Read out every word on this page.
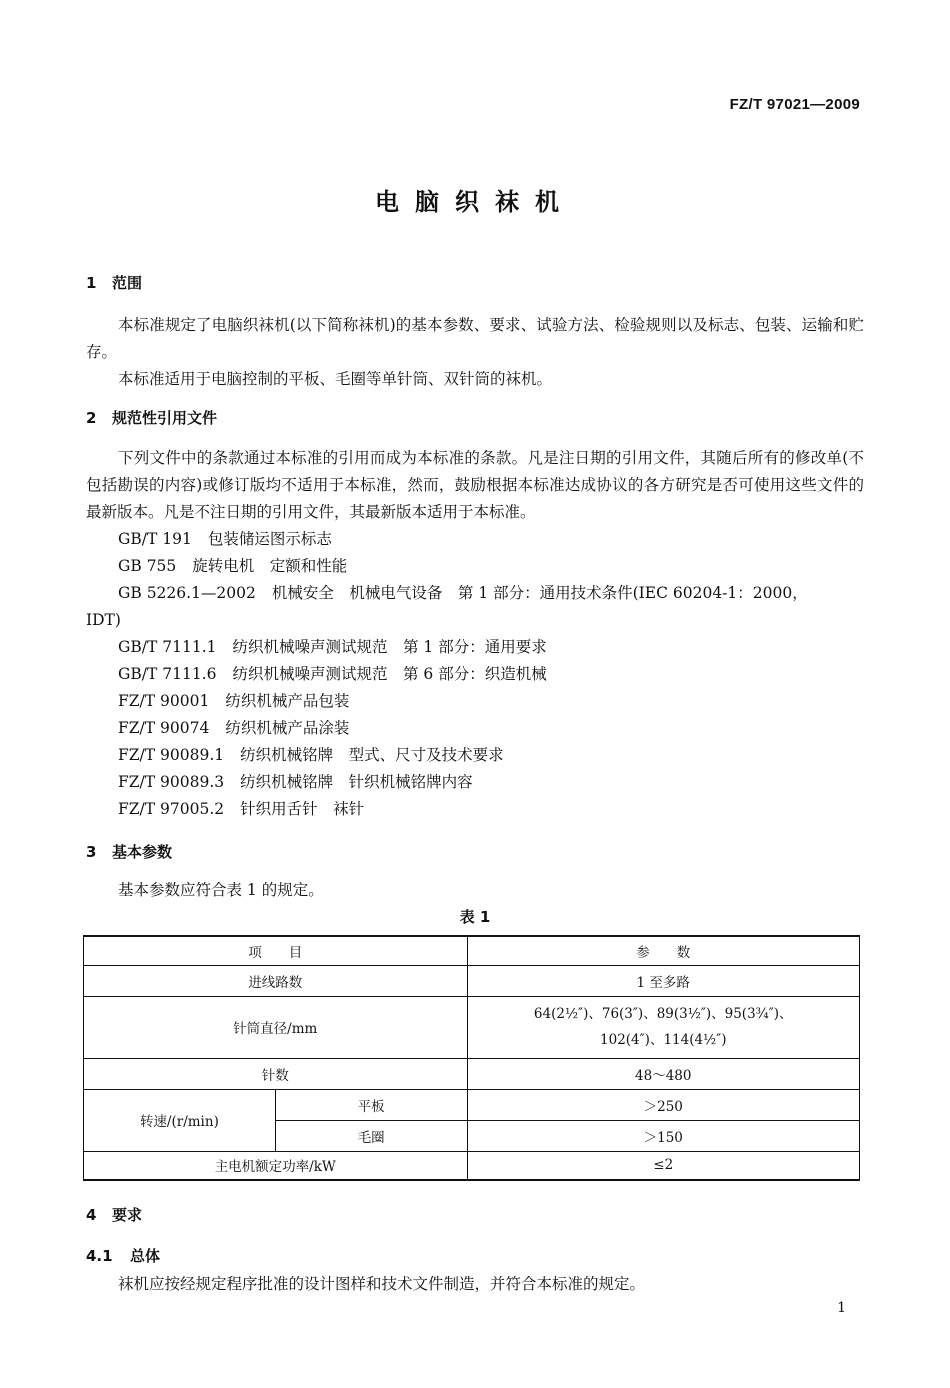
FZ/T 97021—2009
电脑织袜机
1 范围
本标准规定了电脑织袜机(以下简称袜机)的基本参数、要求、试验方法、检验规则以及标志、包装、运输和贮存。
本标准适用于电脑控制的平板、毛圈等单针筒、双针筒的袜机。
2 规范性引用文件
下列文件中的条款通过本标准的引用而成为本标准的条款。凡是注日期的引用文件，其随后所有的修改单(不包括勘误的内容)或修订版均不适用于本标准，然而，鼓励根据本标准达成协议的各方研究是否可使用这些文件的最新版本。凡是不注日期的引用文件，其最新版本适用于本标准。
GB/T 191 包装储运图示标志
GB 755 旋转电机　定额和性能
GB 5226.1—2002 机械安全　机械电气设备　第 1 部分：通用技术条件(IEC 60204-1：2000，
IDT)
GB/T 7111.1 纺织机械噪声测试规范　第 1 部分：通用要求
GB/T 7111.6 纺织机械噪声测试规范　第 6 部分：织造机械
FZ/T 90001 纺织机械产品包装
FZ/T 90074 纺织机械产品涂装
FZ/T 90089.1 纺织机械铭牌　型式、尺寸及技术要求
FZ/T 90089.3 纺织机械铭牌　针织机械铭牌内容
FZ/T 97005.2 针织用舌针　袜针
3 基本参数
基本参数应符合表 1 的规定。
表 1
项　　目		参　　数
进线路数		1 至多路
针筒直径/mm		64(2½″)、76(3″)、89(3½″)、95(3¾″)、
102(4″)、114(4½″)

针数		48～480
转速/(r/min)	平板	＞250
	毛圈	＞150
主电机额定功率/kW		≤2
4 要求
4.1 总体
袜机应按经规定程序批准的设计图样和技术文件制造，并符合本标准的规定。
1
